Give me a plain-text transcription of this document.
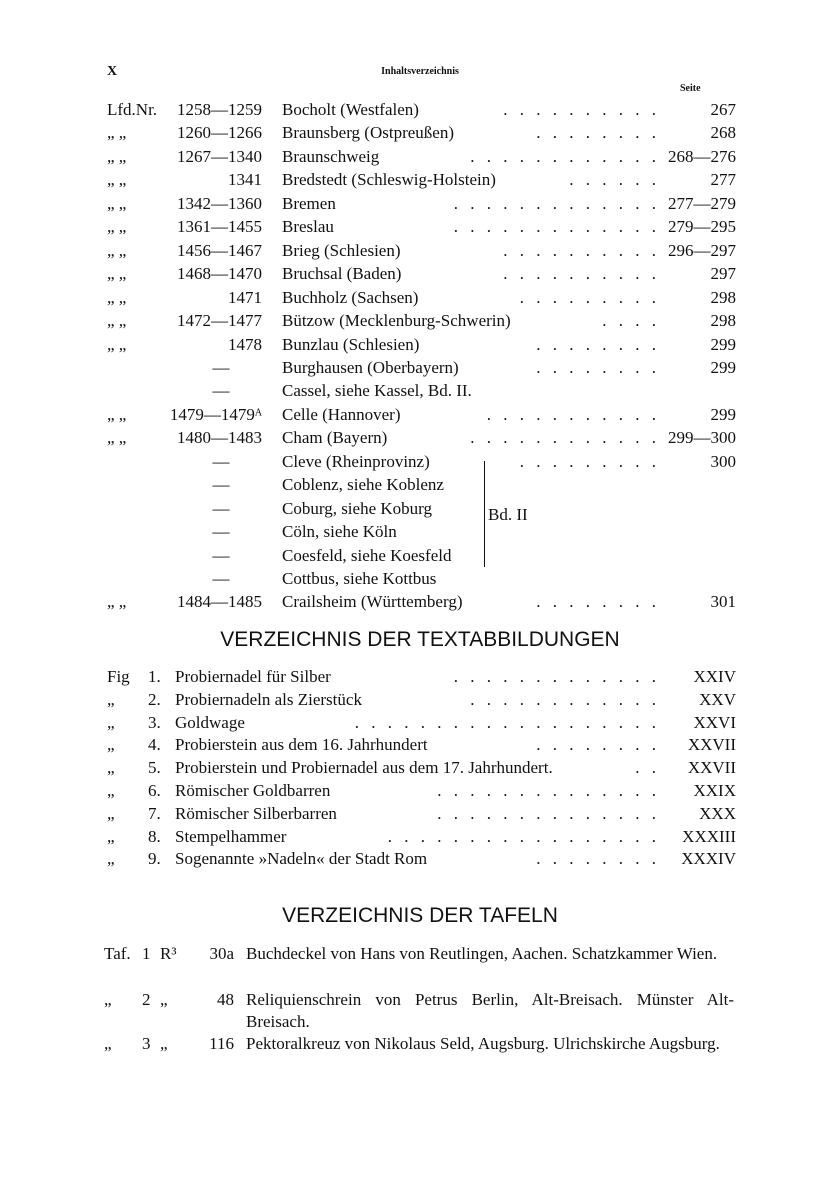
X	Inhaltsverzeichnis
Seite
Lfd.Nr. 1258—1259 Bocholt (Westfalen)	. . . . . . . . . .	267
„ „	1260—1266 Braunsberg (Ostpreußen)	. . . . . . . .	268
„ „	1267—1340 Braunschweig	. . . . . . . . . . . . 268—276
„ „	1341 Bredstedt (Schleswig-Holstein)	. . . . . .	277
„ „	1342—1360 Bremen	. . . . . . . . . . . . . 277—279
„ „	1361—1455 Breslau	. . . . . . . . . . . . . 279—295
„ „	1456—1467 Brieg (Schlesien)	. . . . . . . . . . 296—297
„ „	1468—1470 Bruchsal (Baden)	. . . . . . . . . .	297
„ „	1471 Buchholz (Sachsen)	. . . . . . . . .	298
„ „	1472—1477 Bützow (Mecklenburg-Schwerin)	. . . .	298
„ „	1478 Bunzlau (Schlesien)	. . . . . . . .	299
—	Burghausen (Oberbayern)	. . . . . . . .	299
—	Cassel, siehe Kassel, Bd. II.
„ „	1479—1479ᴬ Celle (Hannover)	. . . . . . . . . . .	299
„ „	1480—1483 Cham (Bayern)	. . . . . . . . . . . . 299—300
—	Cleve (Rheinprovinz)	. . . . . . . . .	300
—	Coblenz, siehe Koblenz
—	Coburg, siehe Koburg
—	Cöln, siehe Köln
—	Coesfeld, siehe Koesfeld
—	Cottbus, siehe Kottbus
„ „	1484—1485 Crailsheim (Württemberg)	. . . . . . . .	301
Bd. II
VERZEICHNIS DER TEXTABBILDUNGEN
Fig 1. Probiernadel für Silber	. . . . . . . . . . . . . XXIV
„ 2. Probiernadeln als Zierstück	. . . . . . . . . . . . XXV
„ 3. Goldwage	. . . . . . . . . . . . . . . . . . . XXVI
„ 4. Probierstein aus dem 16. Jahrhundert	. . . . . . . . XXVII
„ 5. Probierstein und Probiernadel aus dem 17. Jahrhundert.	. . XXVII
„ 6. Römischer Goldbarren	. . . . . . . . . . . . . . XXIX
„ 7. Römischer Silberbarren	. . . . . . . . . . . . . . XXX
„ 8. Stempelhammer	. . . . . . . . . . . . . . . . . XXXIII
„ 9. Sogenannte »Nadeln« der Stadt Rom	. . . . . . . . XXXIV
VERZEICHNIS DER TAFELN
Taf. 1 R³	30a Buchdeckel von Hans von Reutlingen, Aachen. Schatzkammer Wien.
„	2 „	48 Reliquienschrein von Petrus Berlin, Alt-Breisach. Münster Alt-Breisach.
„	3 „	116 Pektoralkreuz von Nikolaus Seld, Augsburg. Ulrichskirche Augsburg.
